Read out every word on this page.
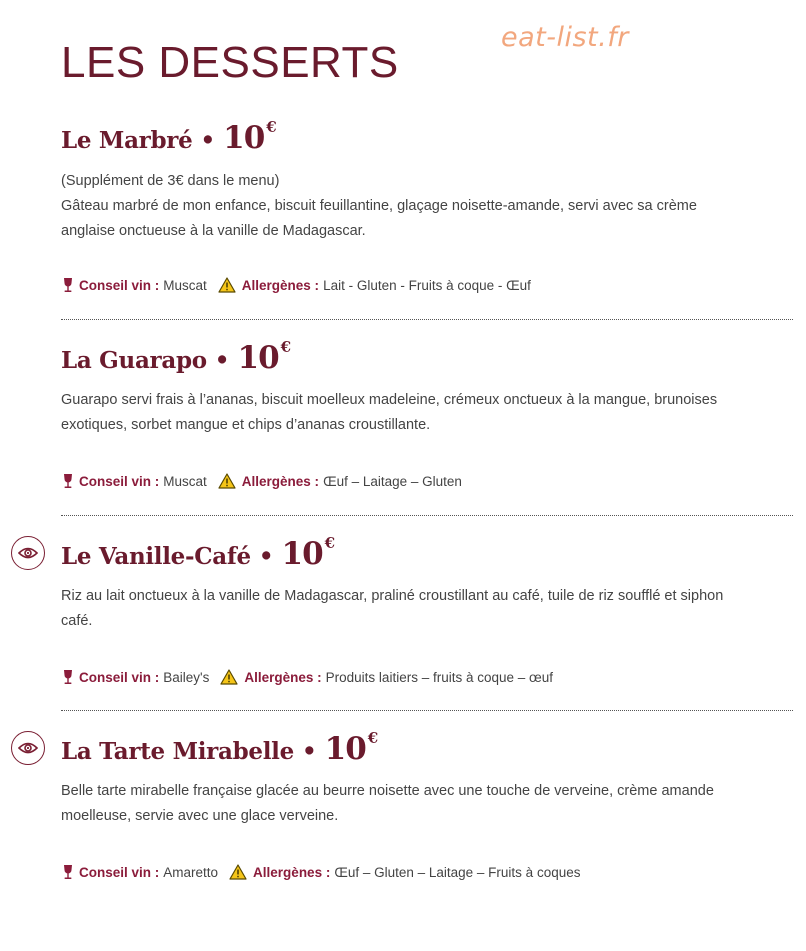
eat-list.fr
LES DESSERTS
Le Marbré • 10 €
(Supplément de 3€ dans le menu)
Gâteau marbré de mon enfance, biscuit feuillantine, glaçage noisette-amande, servi avec sa crème
anglaise onctueuse à la vanille de Madagascar.
Conseil vin : Muscat	Allergènes : Lait - Gluten - Fruits à coque - Œuf
La Guarapo • 10 €
Guarapo servi frais à l’ananas, biscuit moelleux madeleine, crémeux onctueux à la mangue, brunoises
exotiques, sorbet mangue et chips d’ananas croustillante.
Conseil vin : Muscat	Allergènes : Œuf – Laitage – Gluten
Le Vanille-Café • 10 €
Riz au lait onctueux à la vanille de Madagascar, praliné croustillant au café, tuile de riz soufflé et siphon
café.
Conseil vin : Bailey's	Allergènes : Produits laitiers – fruits à coque – œuf
La Tarte Mirabelle • 10 €
Belle tarte mirabelle française glacée au beurre noisette avec une touche de verveine, crème amande
moelleuse, servie avec une glace verveine.
Conseil vin : Amaretto	Allergènes : Œuf – Gluten – Laitage – Fruits à coques
